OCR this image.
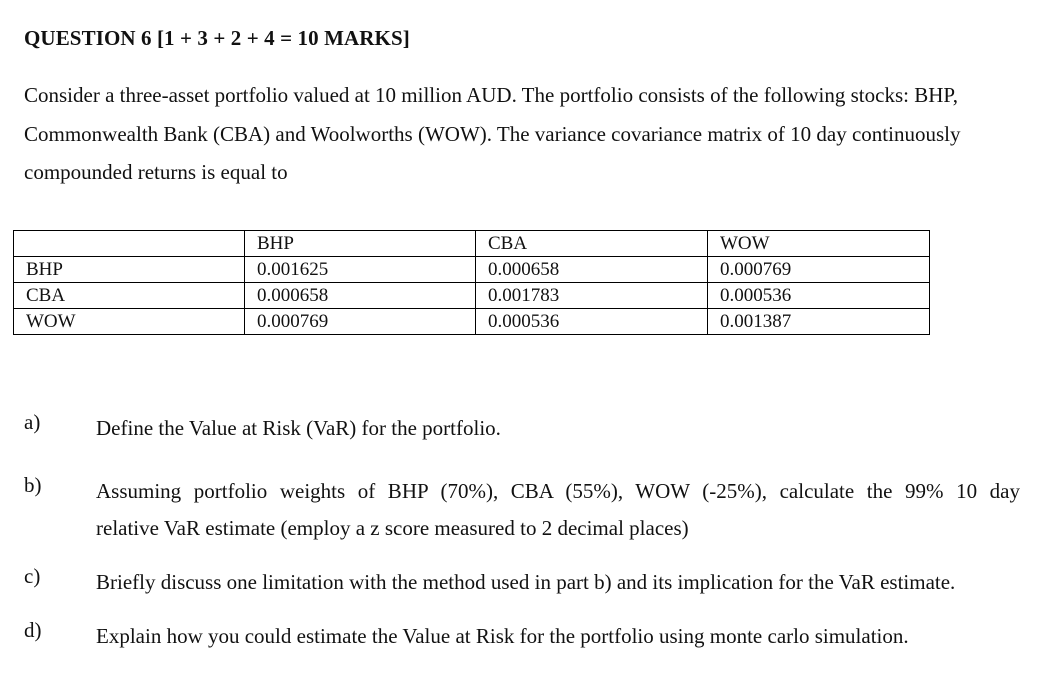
QUESTION 6 [1 + 3 + 2 + 4 = 10 MARKS]
Consider a three-asset portfolio valued at 10 million AUD. The portfolio consists of the following stocks: BHP, Commonwealth Bank (CBA) and Woolworths (WOW). The variance covariance matrix of 10 day continuously compounded returns is equal to
	BHP	CBA	WOW
BHP	0.001625	0.000658	0.000769
CBA	0.000658	0.001783	0.000536
WOW	0.000769	0.000536	0.001387
a)	Define the Value at Risk (VaR) for the portfolio.
b)	Assuming portfolio weights of BHP (70%), CBA (55%), WOW (-25%), calculate the 99% 10 day
relative VaR estimate (employ a z score measured to 2 decimal places)
c)	Briefly discuss one limitation with the method used in part b) and its implication for the VaR estimate.
d)	Explain how you could estimate the Value at Risk for the portfolio using monte carlo simulation.
